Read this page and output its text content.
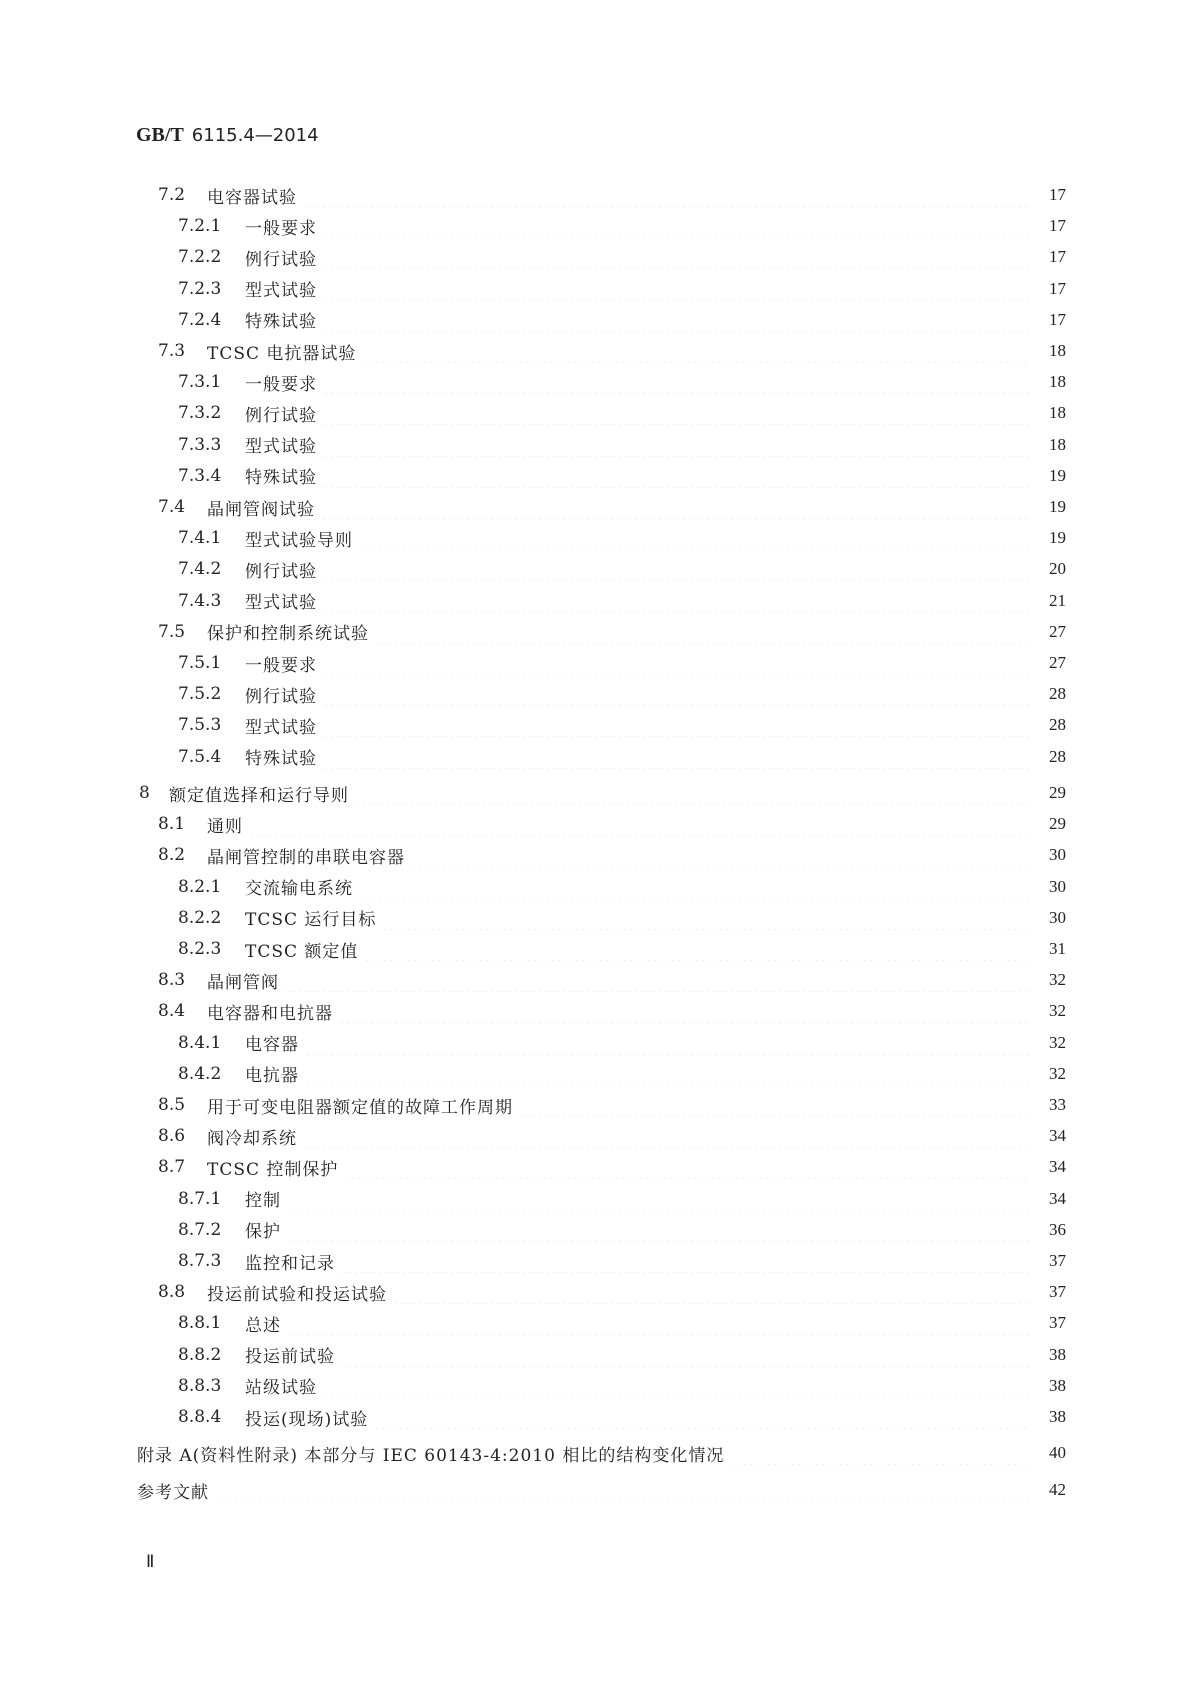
GB/T 6115.4—2014
7.2	电容器试验	17
7.2.1	一般要求	17
7.2.2	例行试验	17
7.2.3	型式试验	17
7.2.4	特殊试验	17
7.3	TCSC 电抗器试验	18
7.3.1	一般要求	18
7.3.2	例行试验	18
7.3.3	型式试验	18
7.3.4	特殊试验	19
7.4	晶闸管阀试验	19
7.4.1	型式试验导则	19
7.4.2	例行试验	20
7.4.3	型式试验	21
7.5	保护和控制系统试验	27
7.5.1	一般要求	27
7.5.2	例行试验	28
7.5.3	型式试验	28
7.5.4	特殊试验	28
8	额定值选择和运行导则	29
8.1	通则	29
8.2	晶闸管控制的串联电容器	30
8.2.1	交流输电系统	30
8.2.2	TCSC 运行目标	30
8.2.3	TCSC 额定值	31
8.3	晶闸管阀	32
8.4	电容器和电抗器	32
8.4.1	电容器	32
8.4.2	电抗器	32
8.5	用于可变电阻器额定值的故障工作周期	33
8.6	阀冷却系统	34
8.7	TCSC 控制保护	34
8.7.1	控制	34
8.7.2	保护	36
8.7.3	监控和记录	37
8.8	投运前试验和投运试验	37
8.8.1	总述	37
8.8.2	投运前试验	38
8.8.3	站级试验	38
8.8.4	投运(现场)试验	38
附录 A(资料性附录) 本部分与 IEC 60143-4:2010 相比的结构变化情况	40
参考文献	42
Ⅱ
